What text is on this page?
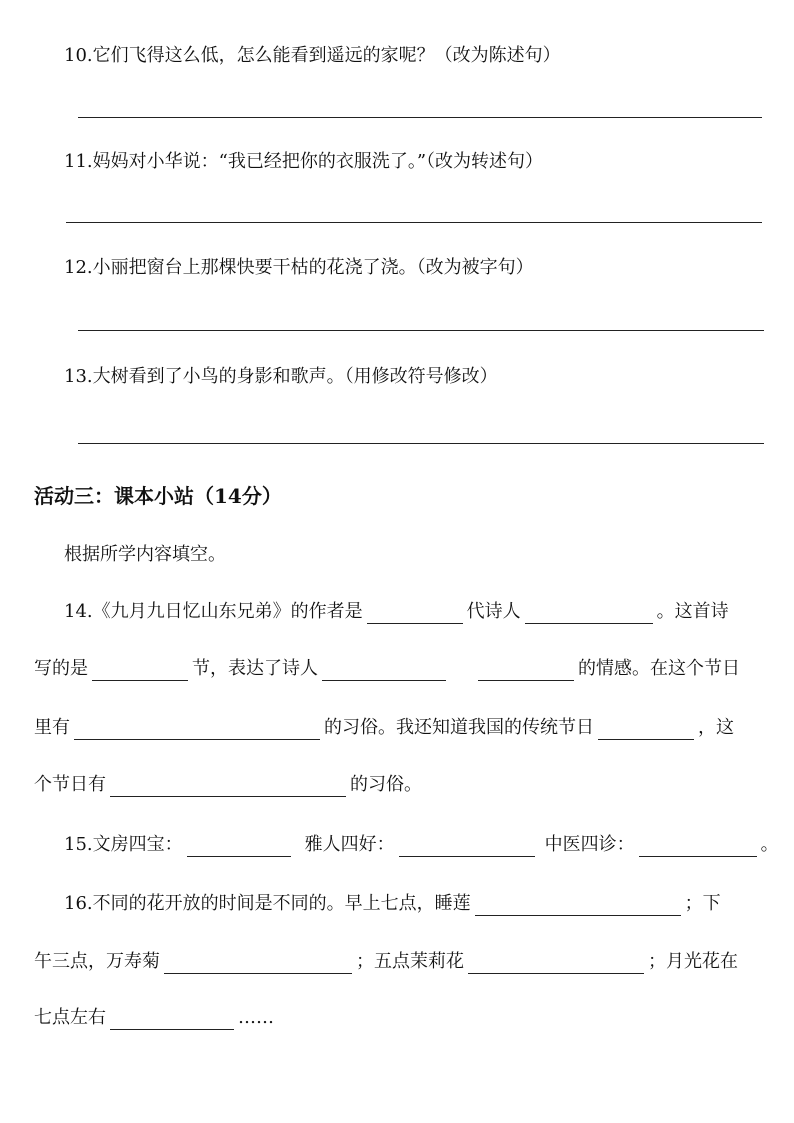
10.它们飞得这么低，怎么能看到遥远的家呢？（改为陈述句）
11.妈妈对小华说：“我已经把你的衣服洗了。”（改为转述句）
12.小丽把窗台上那棵快要干枯的花浇了浇。（改为被字句）
13.大树看到了小鸟的身影和歌声。（用修改符号修改）
活动三：课本小站（14分）
根据所学内容填空。
14.《九月九日忆山东兄弟》的作者是	代诗人	。这首诗
写的是	节，表达了诗人	的情感。在这个节日
里有	的习俗。我还知道我国的传统节日	，这
个节日有	的习俗。
15.文房四宝：	雅人四好：	中医四诊：	。
16.不同的花开放的时间是不同的。早上七点，睡莲	；下
午三点，万寿菊	；五点茉莉花	；月光花在
七点左右	……
